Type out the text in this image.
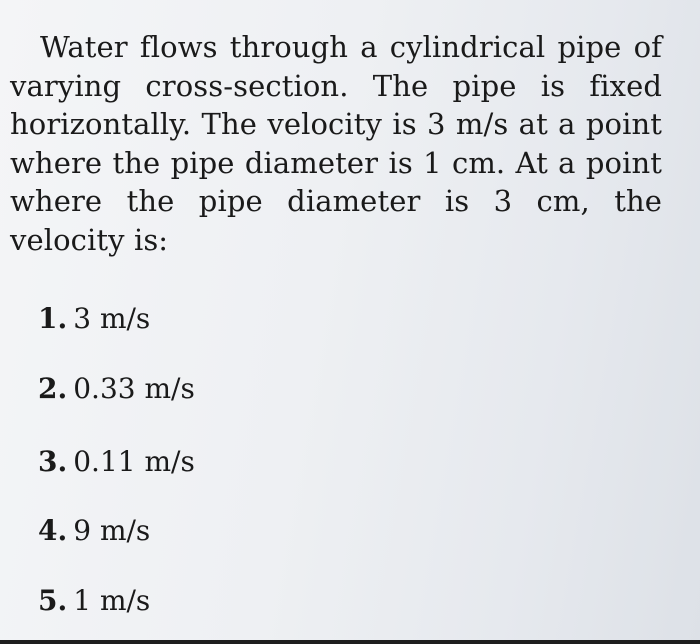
Water flows through a cylindrical pipe of varying cross-section. The pipe is fixed horizontally. The velocity is 3 m/s at a point where the pipe diameter is 1 cm. At a point where the pipe diameter is 3 cm, the velocity is:
1. 3 m/s
2. 0.33 m/s
3. 0.11 m/s
4. 9 m/s
5. 1 m/s
